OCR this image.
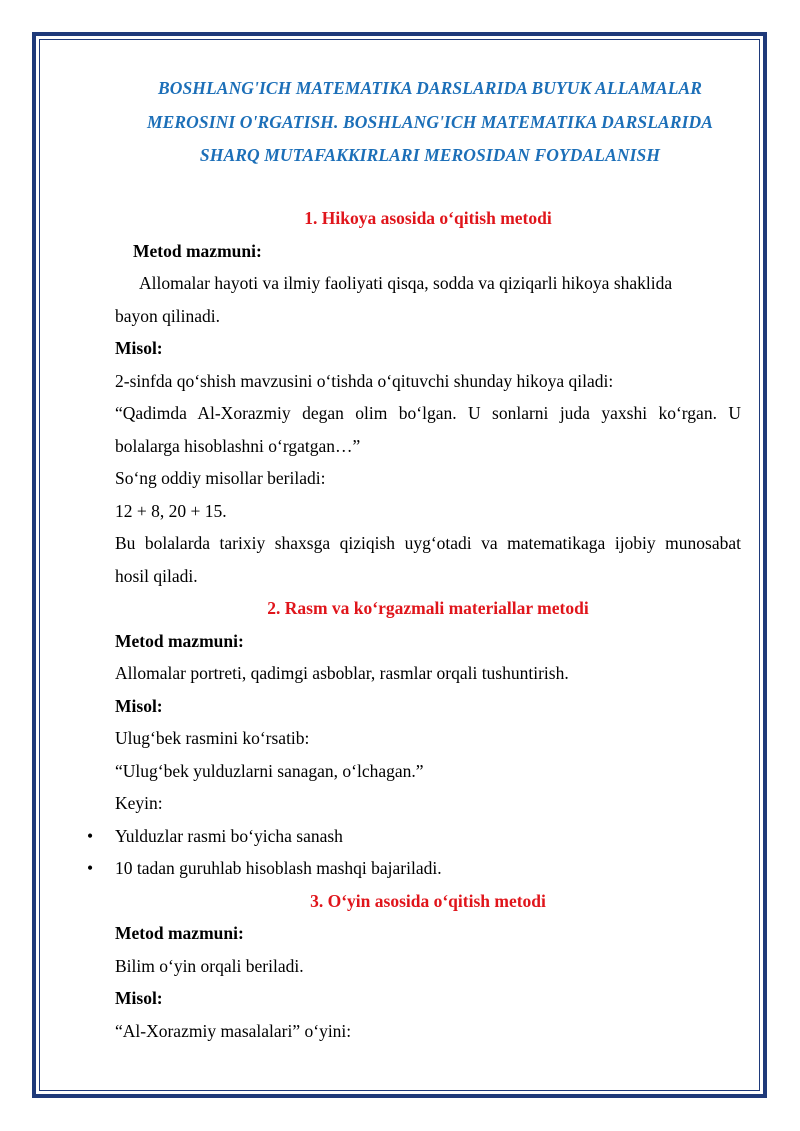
BOSHLANG'ICH MATEMATIKA DARSLARIDA BUYUK ALLAMALAR
MEROSINI O'RGATISH. BOSHLANG'ICH MATEMATIKA DARSLARIDA
SHARQ MUTAFAKKIRLARI MEROSIDAN FOYDALANISH
1. Hikoya asosida o‘qitish metodi
Metod mazmuni:
Allomalar hayoti va ilmiy faoliyati qisqa, sodda va qiziqarli hikoya shaklida
bayon qilinadi.
Misol:
2-sinfda qo‘shish mavzusini o‘tishda o‘qituvchi shunday hikoya qiladi:
“Qadimda Al-Xorazmiy degan olim bo‘lgan. U sonlarni juda yaxshi ko‘rgan. U
bolalarga hisoblashni o‘rgatgan…”
So‘ng oddiy misollar beriladi:
12 + 8, 20 + 15.
Bu bolalarda tarixiy shaxsga qiziqish uyg‘otadi va matematikaga ijobiy munosabat
hosil qiladi.
2. Rasm va ko‘rgazmali materiallar metodi
Metod mazmuni:
Allomalar portreti, qadimgi asboblar, rasmlar orqali tushuntirish.
Misol:
Ulug‘bek rasmini ko‘rsatib:
“Ulug‘bek yulduzlarni sanagan, o‘lchagan.”
Keyin:
• Yulduzlar rasmi bo‘yicha sanash
• 10 tadan guruhlab hisoblash mashqi bajariladi.
3. O‘yin asosida o‘qitish metodi
Metod mazmuni:
Bilim o‘yin orqali beriladi.
Misol:
“Al-Xorazmiy masalalari” o‘yini:
